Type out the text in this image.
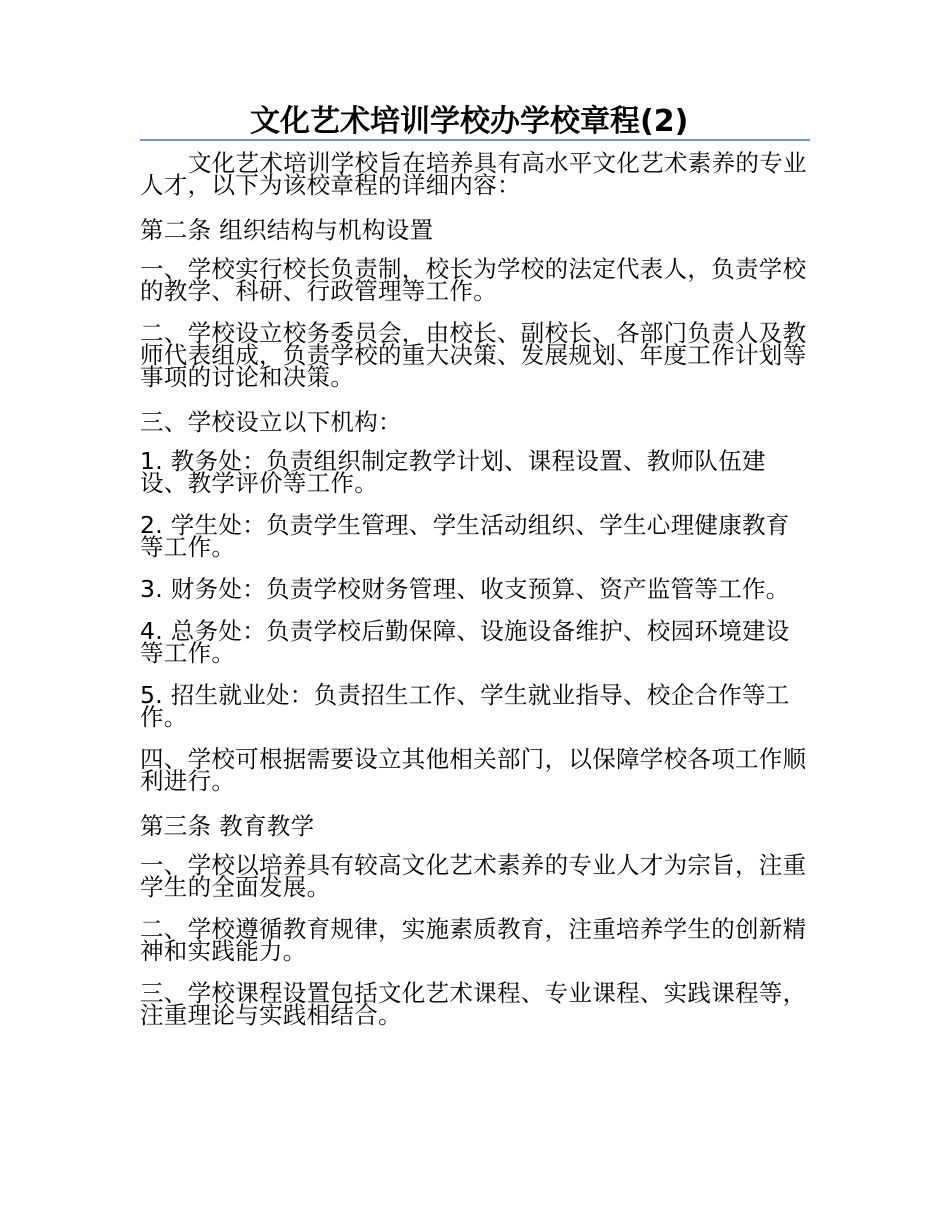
文化艺术培训学校办学校章程(2)

文化艺术培训学校旨在培养具有高水平文化艺术素养的专业人才，以下为该校章程的详细内容：

第二条 组织结构与机构设置

一、学校实行校长负责制，校长为学校的法定代表人，负责学校的教学、科研、行政管理等工作。

二、学校设立校务委员会，由校长、副校长、各部门负责人及教师代表组成，负责学校的重大决策、发展规划、年度工作计划等事项的讨论和决策。

三、学校设立以下机构：

1. 教务处：负责组织制定教学计划、课程设置、教师队伍建设、教学评价等工作。

2. 学生处：负责学生管理、学生活动组织、学生心理健康教育等工作。

3. 财务处：负责学校财务管理、收支预算、资产监管等工作。

4. 总务处：负责学校后勤保障、设施设备维护、校园环境建设等工作。

5. 招生就业处：负责招生工作、学生就业指导、校企合作等工作。

四、学校可根据需要设立其他相关部门，以保障学校各项工作顺利进行。

第三条 教育教学

一、学校以培养具有较高文化艺术素养的专业人才为宗旨，注重学生的全面发展。

二、学校遵循教育规律，实施素质教育，注重培养学生的创新精神和实践能力。

三、学校课程设置包括文化艺术课程、专业课程、实践课程等，注重理论与实践相结合。
